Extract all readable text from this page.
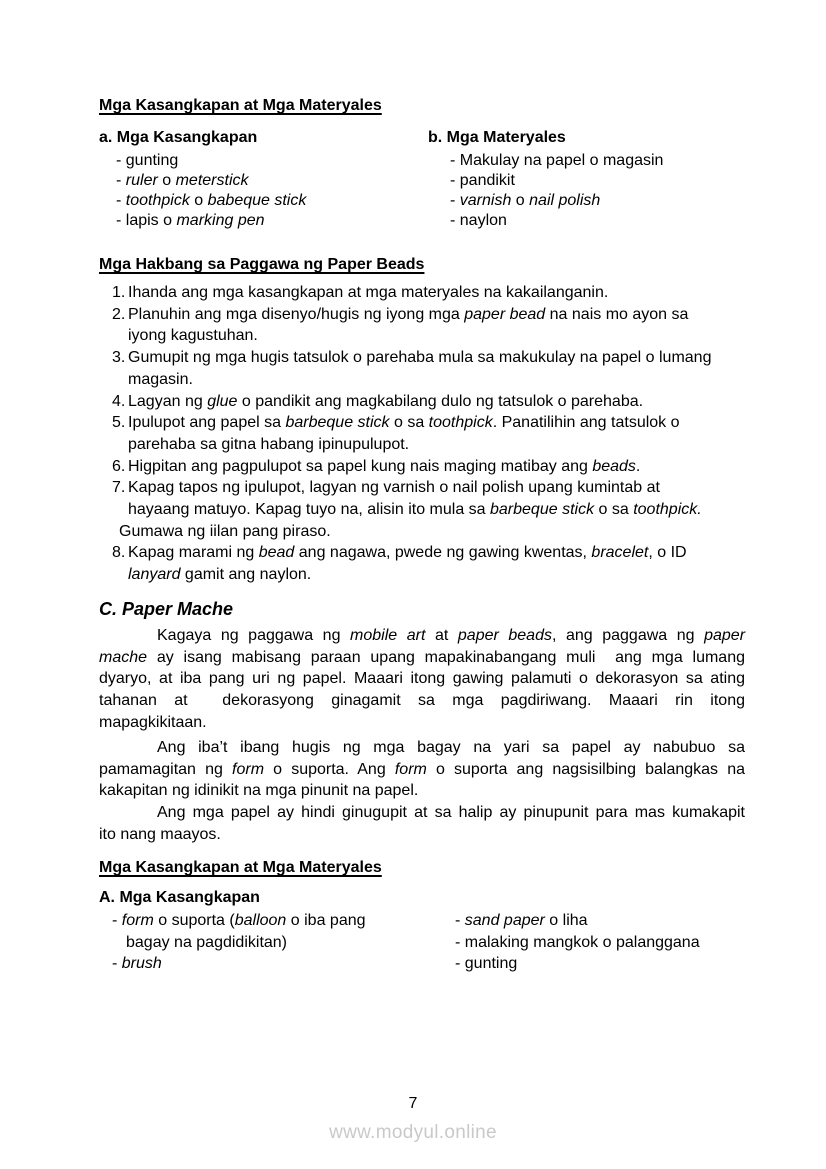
Mga Kasangkapan at Mga Materyales
a. Mga Kasangkapan
- gunting
- ruler o meterstick
- toothpick o babeque stick
- lapis o marking pen
b. Mga Materyales
- Makulay na papel o magasin
- pandikit
- varnish o nail polish
- naylon
Mga Hakbang sa Paggawa ng Paper Beads
1. Ihanda ang mga kasangkapan at mga materyales na kakailanganin.
2. Planuhin ang mga disenyo/hugis ng iyong mga paper bead na nais mo ayon sa
iyong kagustuhan.
3. Gumupit ng mga hugis tatsulok o parehaba mula sa makukulay na papel o lumang
magasin.
4. Lagyan ng glue o pandikit ang magkabilang dulo ng tatsulok o parehaba.
5. Ipulupot ang papel sa barbeque stick o sa toothpick. Panatilihin ang tatsulok o
parehaba sa gitna habang ipinupulupot.
6. Higpitan ang pagpulupot sa papel kung nais maging matibay ang beads.
7. Kapag tapos ng ipulupot, lagyan ng varnish o nail polish upang kumintab at
hayaang matuyo. Kapag tuyo na, alisin ito mula sa barbeque stick o sa toothpick.
Gumawa ng iilan pang piraso.
8. Kapag marami ng bead ang nagawa, pwede ng gawing kwentas, bracelet, o ID
lanyard gamit ang naylon.
C. Paper Mache
Kagaya ng paggawa ng mobile art at paper beads, ang paggawa ng paper
mache ay isang mabisang paraan upang mapakinabangang muli  ang mga lumang
dyaryo, at iba pang uri ng papel. Maaari itong gawing palamuti o dekorasyon sa ating
tahanan at  dekorasyong ginagamit sa mga pagdiriwang. Maaari rin itong
mapagkikitaan.
Ang iba’t ibang hugis ng mga bagay na yari sa papel ay nabubuo sa
pamamagitan ng form o suporta. Ang form o suporta ang nagsisilbing balangkas na
kakapitan ng idinikit na mga pinunit na papel.
Ang mga papel ay hindi ginugupit at sa halip ay pinupunit para mas kumakapit
ito nang maayos.
Mga Kasangkapan at Mga Materyales
A. Mga Kasangkapan
- form o suporta (balloon o iba pang
bagay na pagdidikitan)
- brush
- sand paper o liha
- malaking mangkok o palanggana
- gunting
7
www.modyul.online
